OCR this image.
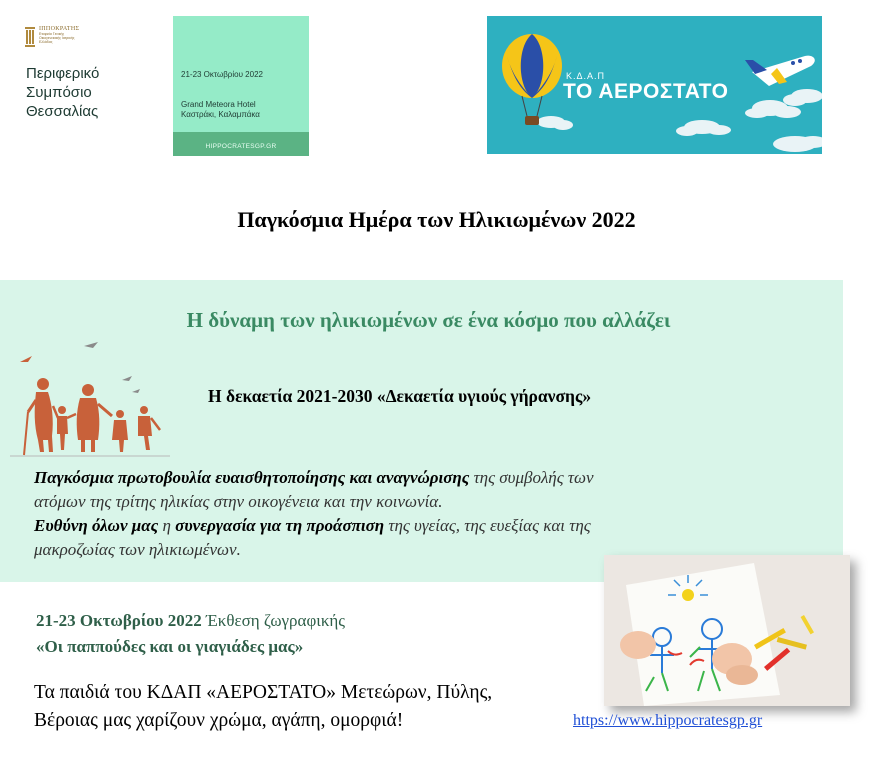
ΙΠΠΟΚΡΑΤΗΣ
Εταιρεία Γενικής Οικογενειακής Ιατρικής Ελλάδας
Περιφερικό
Συμπόσιο
Θεσσαλίας
21-23 Οκτωβρίου 2022
Grand Meteora Hotel
Καστράκι, Καλαμπάκα
HIPPOCRATESGP.GR
Κ.Δ.Α.Π
ΤΟ ΑΕΡΟΣΤΑΤΟ
Παγκόσμια Ημέρα των Ηλικιωμένων 2022
Η δύναμη των ηλικιωμένων σε ένα κόσμο που αλλάζει
Η δεκαετία 2021-2030 «Δεκαετία υγιούς γήρανσης»
Παγκόσμια πρωτοβουλία ευαισθητοποίησης και αναγνώρισης της συμβολής των
ατόμων της τρίτης ηλικίας στην οικογένεια και την κοινωνία.
Ευθύνη όλων μας η συνεργασία για τη προάσπιση της υγείας, της ευεξίας και της
μακροζωίας των ηλικιωμένων.
21-23 Οκτωβρίου 2022 Έκθεση ζωγραφικής
«Οι παππούδες και οι γιαγιάδες μας»
Τα παιδιά του ΚΔΑΠ «ΑΕΡΟΣΤΑΤΟ» Μετεώρων, Πύλης,
Βέροιας μας χαρίζουν χρώμα, αγάπη, ομορφιά!	https://www.hippocratesgp.gr
